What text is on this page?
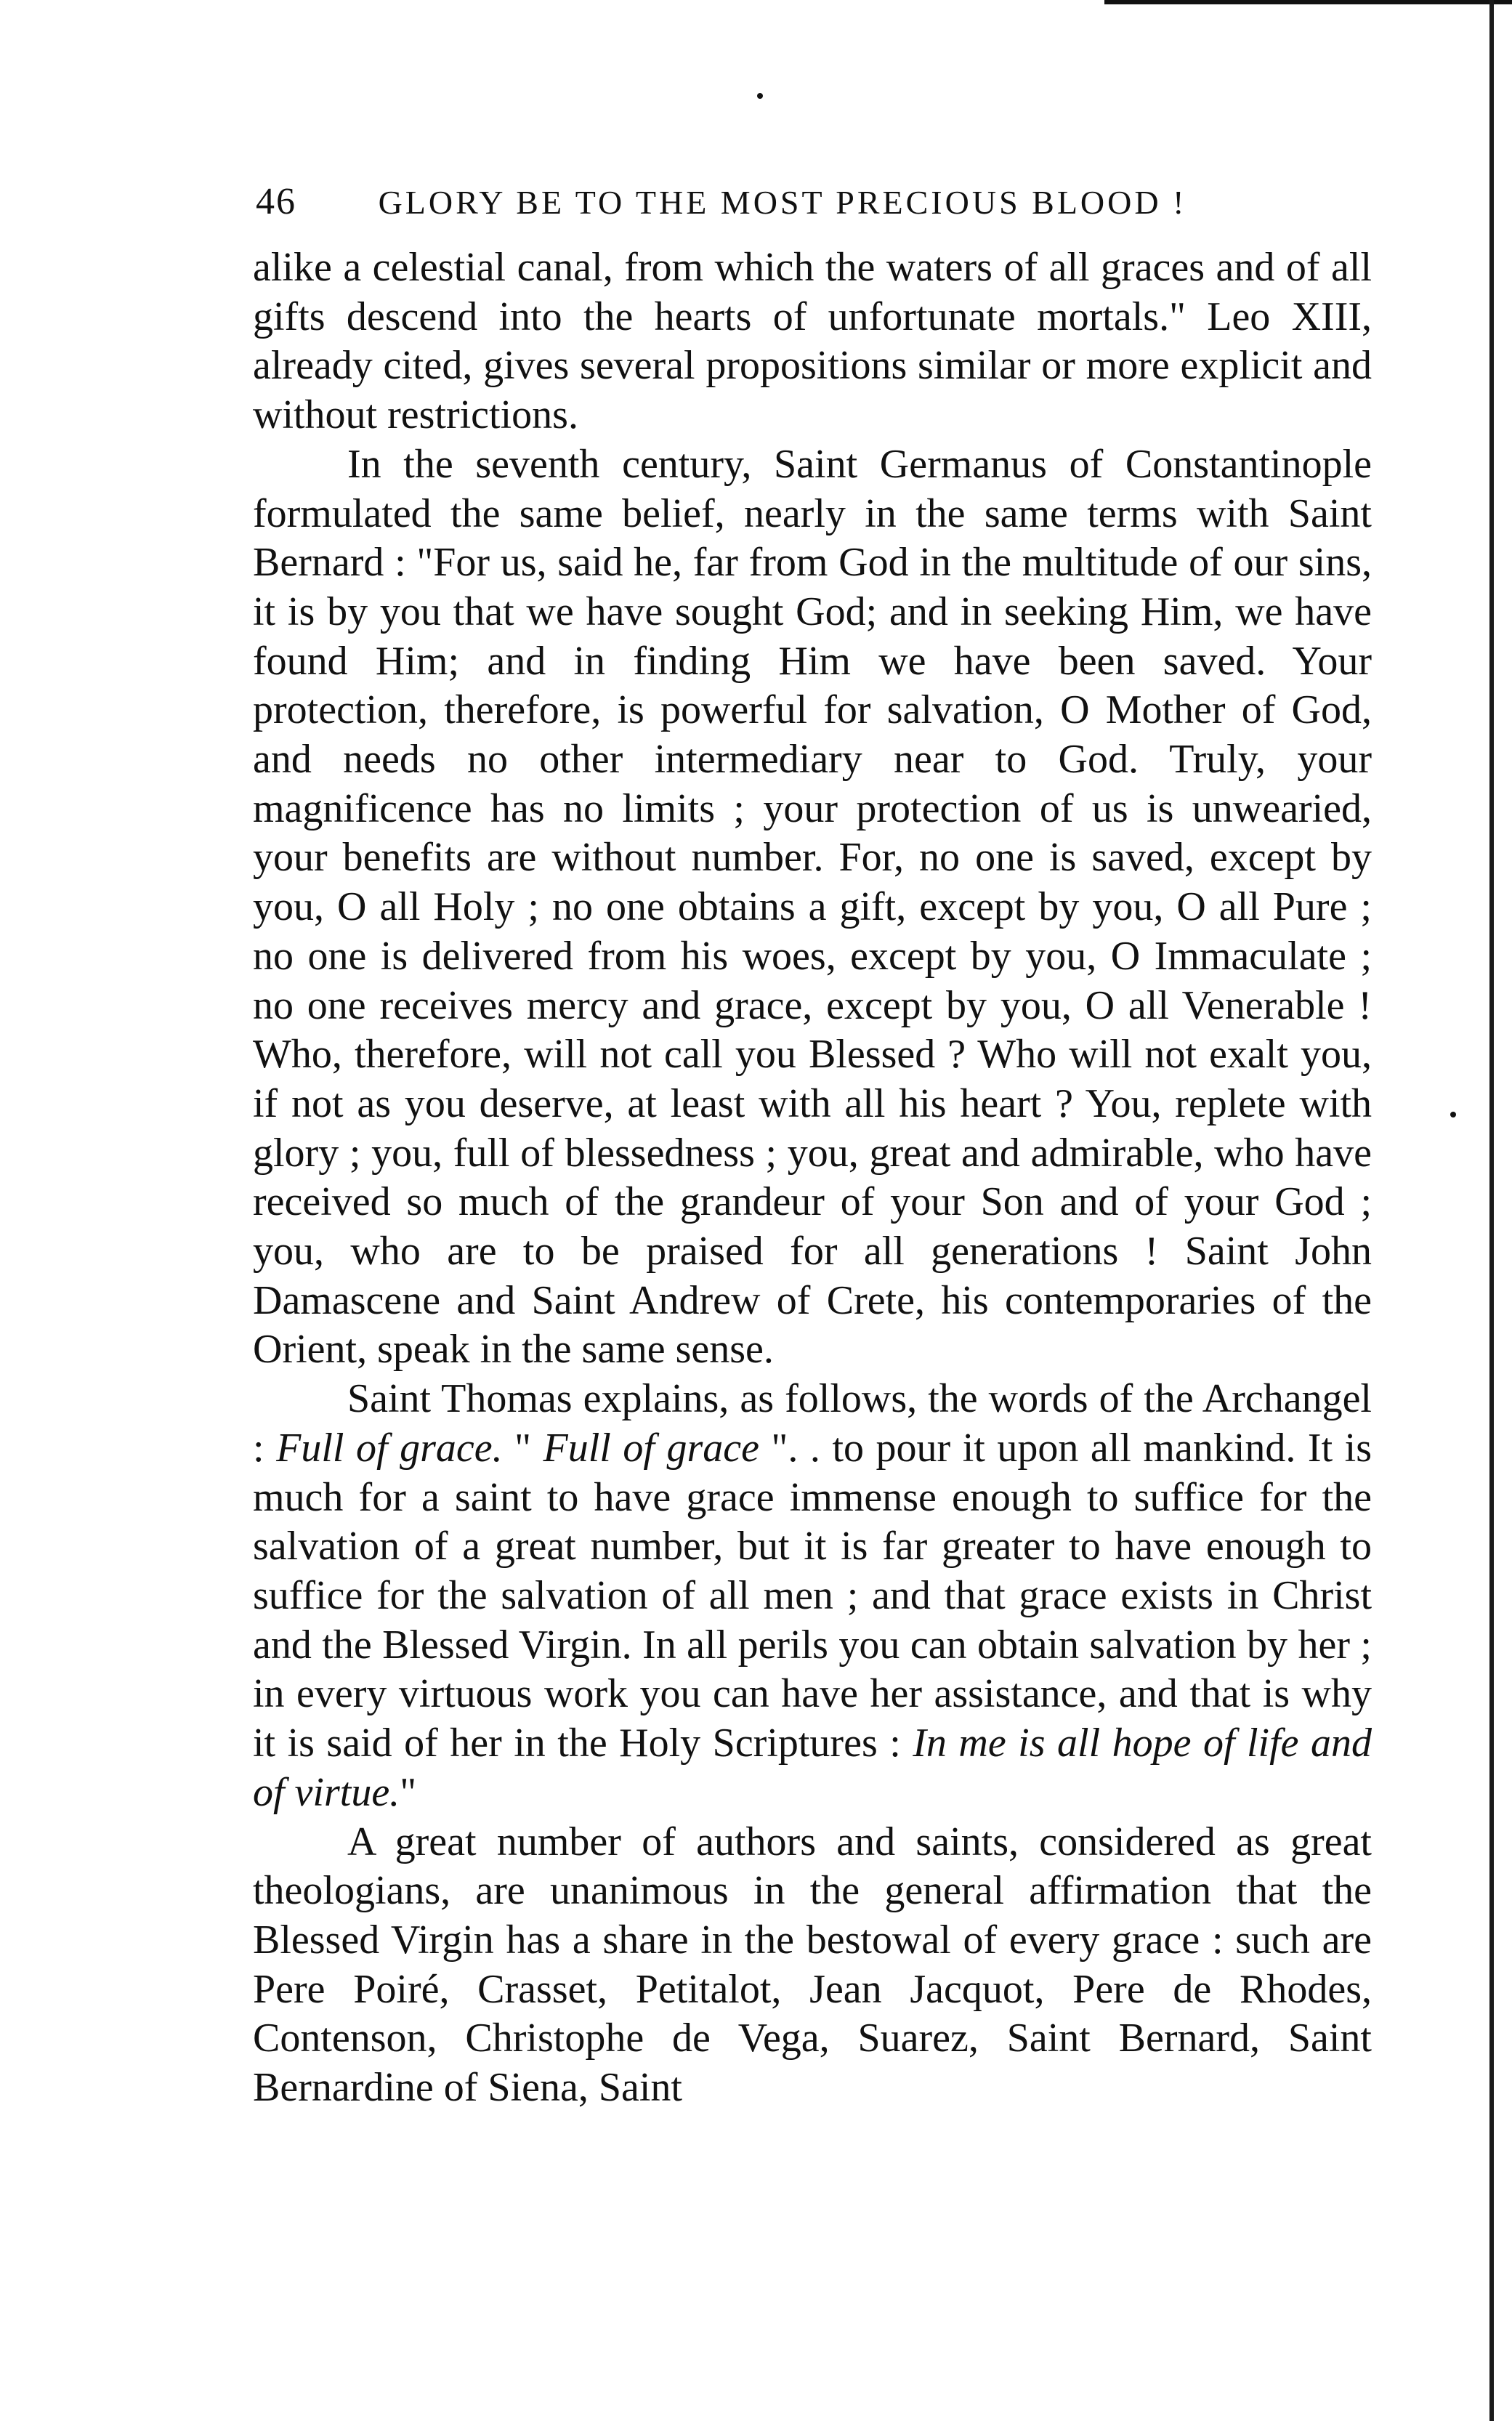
46	GLORY BE TO THE MOST PRECIOUS BLOOD !

alike a celestial canal, from which the waters of all graces and of all gifts descend into the hearts of unfortunate mortals." Leo XIII, already cited, gives several propositions similar or more explicit and without restrictions.

In the seventh century, Saint Germanus of Constantinople formulated the same belief, nearly in the same terms with Saint Bernard : "For us, said he, far from God in the multitude of our sins, it is by you that we have sought God; and in seeking Him, we have found Him; and in finding Him we have been saved. Your protection, therefore, is powerful for salvation, O Mother of God, and needs no other intermediary near to God. Truly, your magnificence has no limits ; your protection of us is unwearied, your benefits are without number. For, no one is saved, except by you, O all Holy ; no one obtains a gift, except by you, O all Pure ; no one is delivered from his woes, except by you, O Immaculate ; no one receives mercy and grace, except by you, O all Venerable ! Who, therefore, will not call you Blessed ? Who will not exalt you, if not as you deserve, at least with all his heart ? You, replete with glory ; you, full of blessedness ; you, great and admirable, who have received so much of the grandeur of your Son and of your God ; you, who are to be praised for all generations ! Saint John Damascene and Saint Andrew of Crete, his contemporaries of the Orient, speak in the same sense.

Saint Thomas explains, as follows, the words of the Archangel : Full of grace. " Full of grace ". . to pour it upon all mankind. It is much for a saint to have grace immense enough to suffice for the salvation of a great number, but it is far greater to have enough to suffice for the salvation of all men ; and that grace exists in Christ and the Blessed Virgin. In all perils you can obtain salvation by her ; in every virtuous work you can have her assistance, and that is why it is said of her in the Holy Scriptures : In me is all hope of life and of virtue."

A great number of authors and saints, considered as great theologians, are unanimous in the general affirmation that the Blessed Virgin has a share in the bestowal of every grace : such are Pere Poiré, Crasset, Petitalot, Jean Jacquot, Pere de Rhodes, Contenson, Christophe de Vega, Suarez, Saint Bernard, Saint Bernardine of Siena, Saint
